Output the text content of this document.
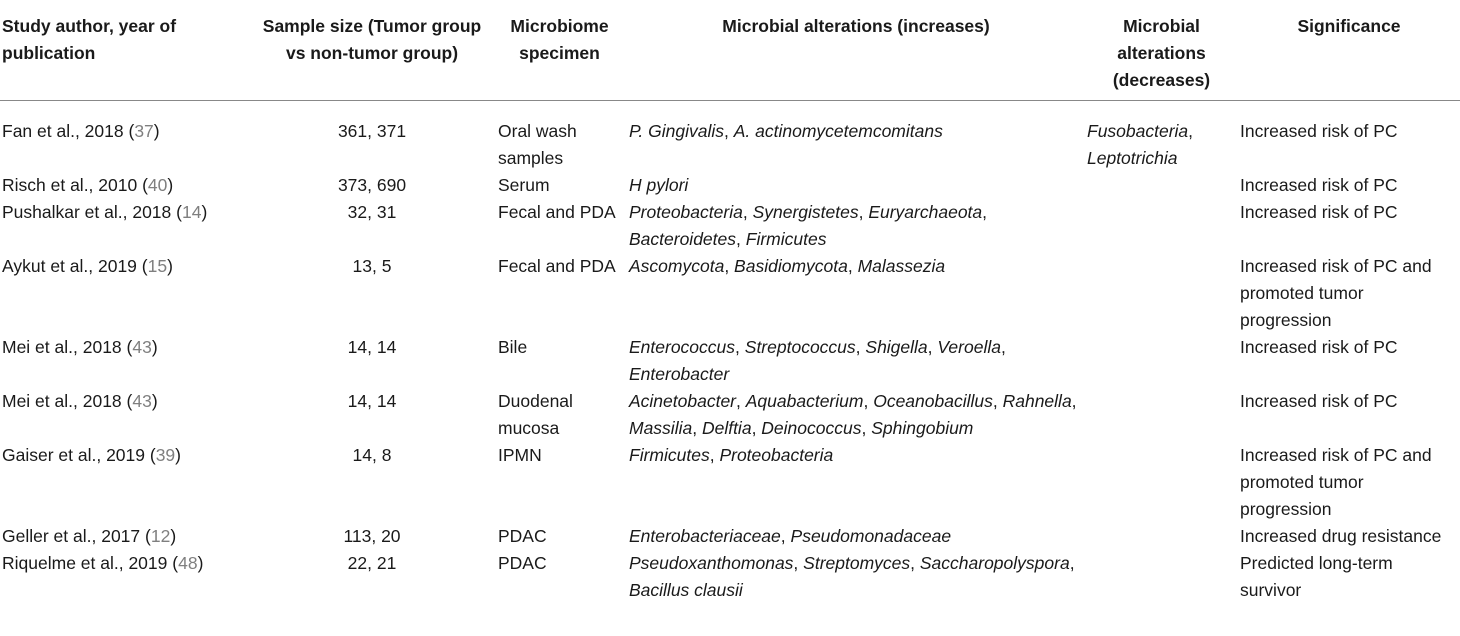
Study author, year of publication	Sample size (Tumor group vs non-tumor group)	Microbiome specimen	Microbial alterations (increases)	Microbial alterations (decreases)	Significance
Fan et al., 2018 (37)	361, 371	Oral wash samples	P. Gingivalis, A. actinomycetemcomitans	Fusobacteria, Leptotrichia	Increased risk of PC
Risch et al., 2010 (40)	373, 690	Serum	H pylori		Increased risk of PC
Pushalkar et al., 2018 (14)	32, 31	Fecal and PDA	Proteobacteria, Synergistetes, Euryarchaeota, Bacteroidetes, Firmicutes		Increased risk of PC
Aykut et al., 2019 (15)	13, 5	Fecal and PDA	Ascomycota, Basidiomycota, Malassezia		Increased risk of PC and promoted tumor progression
Mei et al., 2018 (43)	14, 14	Bile	Enterococcus, Streptococcus, Shigella, Veroella, Enterobacter		Increased risk of PC
Mei et al., 2018 (43)	14, 14	Duodenal mucosa	Acinetobacter, Aquabacterium, Oceanobacillus, Rahnella, Massilia, Delftia, Deinococcus, Sphingobium		Increased risk of PC
Gaiser et al., 2019 (39)	14, 8	IPMN	Firmicutes, Proteobacteria		Increased risk of PC and promoted tumor progression
Geller et al., 2017 (12)	113, 20	PDAC	Enterobacteriaceae, Pseudomonadaceae		Increased drug resistance
Riquelme et al., 2019 (48)	22, 21	PDAC	Pseudoxanthomonas, Streptomyces, Saccharopolyspora, Bacillus clausii		Predicted long-term survivor
